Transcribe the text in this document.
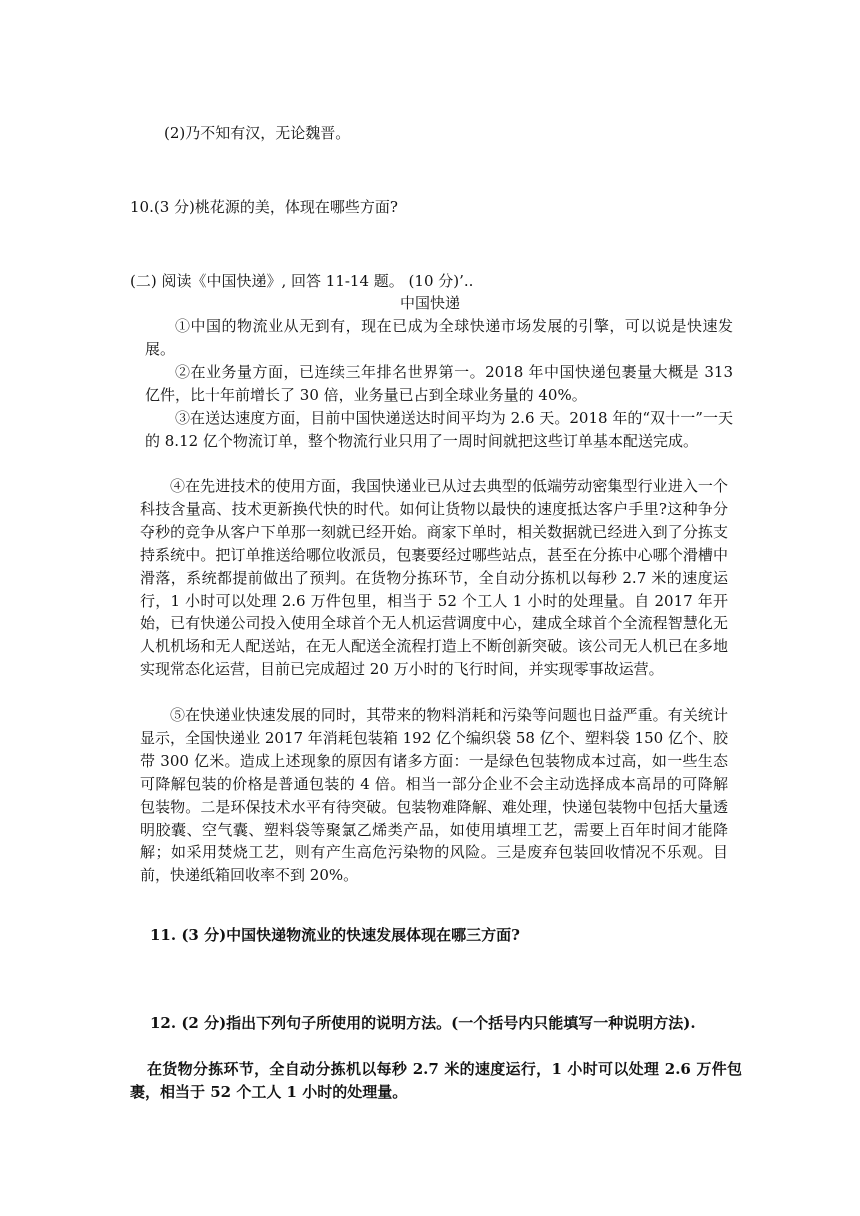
(2)乃不知有汉，无论魏晋。
10.(3 分)桃花源的美，体现在哪些方面?
(二) 阅读《中国快递》, 回答 11-14 题。 (10 分)’..
中国快递
①中国的物流业从无到有，现在已成为全球快递市场发展的引擎，可以说是快速发展。
②在业务量方面，已连续三年排名世界第一。2018 年中国快递包裹量大概是 313 亿件，比十年前增长了 30 倍，业务量已占到全球业务量的 40%。
③在送达速度方面，目前中国快递送达时间平均为 2.6 天。2018 年的“双十一”一天的 8.12 亿个物流订单，整个物流行业只用了一周时间就把这些订单基本配送完成。
④在先进技术的使用方面，我国快递业已从过去典型的低端劳动密集型行业进入一个科技含量高、技术更新换代快的时代。如何让货物以最快的速度抵达客户手里?这种争分夺秒的竞争从客户下单那一刻就已经开始。商家下单时，相关数据就已经进入到了分拣支持系统中。把订单推送给哪位收派员，包裹要经过哪些站点，甚至在分拣中心哪个滑槽中滑落，系统都提前做出了预判。在货物分拣环节，全自动分拣机以每秒 2.7 米的速度运行，1 小时可以处理 2.6 万件包里，相当于 52 个工人 1 小时的处理量。自 2017 年开始，已有快递公司投入使用全球首个无人机运营调度中心，建成全球首个全流程智慧化无人机机场和无人配送站，在无人配送全流程打造上不断创新突破。该公司无人机已在多地实现常态化运营，目前已完成超过 20 万小时的飞行时间，并实现零事故运营。
⑤在快递业快速发展的同时，其带来的物料消耗和污染等问题也日益严重。有关统计显示，全国快递业 2017 年消耗包装箱 192 亿个编织袋 58 亿个、塑料袋 150 亿个、胶带 300 亿米。造成上述现象的原因有诸多方面：一是绿色包装物成本过高，如一些生态可降解包装的价格是普通包装的 4 倍。相当一部分企业不会主动选择成本高昂的可降解包装物。二是环保技术水平有待突破。包装物难降解、难处理，快递包装物中包括大量透明胶囊、空气囊、塑料袋等聚氯乙烯类产品，如使用填埋工艺，需要上百年时间才能降解；如采用焚烧工艺，则有产生高危污染物的风险。三是废弃包装回收情况不乐观。目前，快递纸箱回收率不到 20%。
11. (3 分)中国快递物流业的快速发展体现在哪三方面?
12. (2 分)指出下列句子所使用的说明方法。(一个括号内只能填写一种说明方法).
在货物分拣环节，全自动分拣机以每秒 2.7 米的速度运行，1 小时可以处理 2.6 万件包裹，相当于 52 个工人 1 小时的处理量。
